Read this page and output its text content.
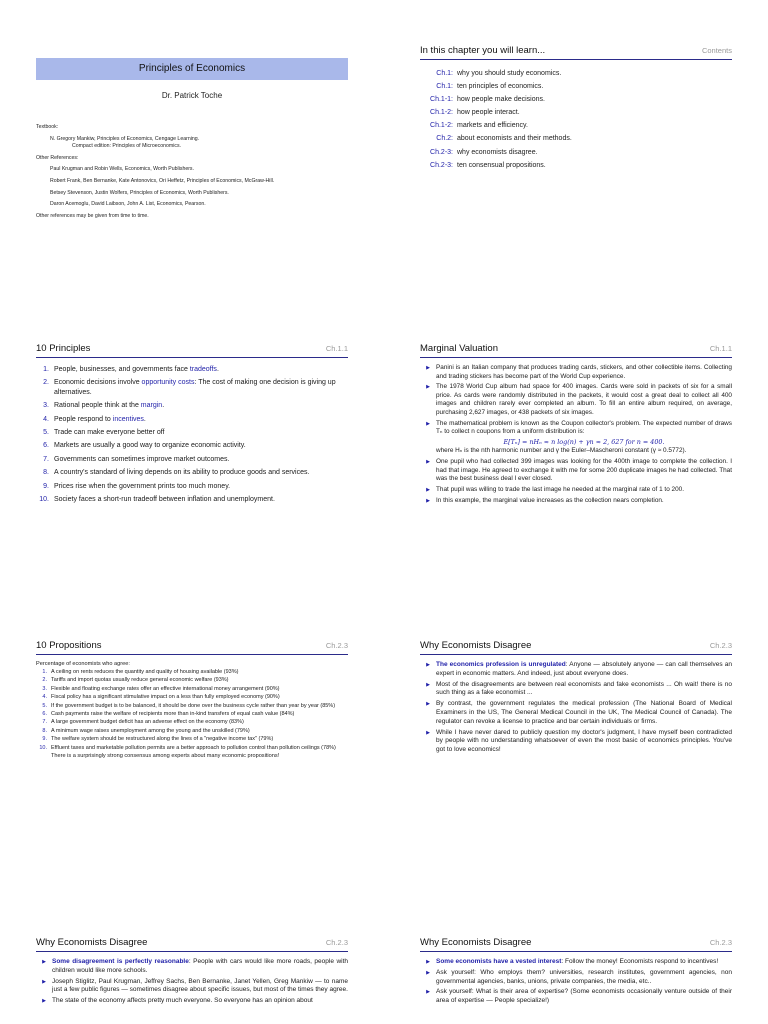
Principles of Economics
Dr. Patrick Toche
Textbook:
N. Gregory Mankiw, Principles of Economics, Cengage Learning.
Compact edition: Principles of Microeconomics.
Other References:
Paul Krugman and Robin Wells, Economics, Worth Publishers.
Robert Frank, Ben Bernanke, Kate Antonovics, Ori Heffetz, Principles of Economics, McGraw-Hill.
Betsey Stevenson, Justin Wolfers, Principles of Economics, Worth Publishers.
Daron Acemoglu, David Laibson, John A. List, Economics, Pearson.
Other references may be given from time to time.
In this chapter you will learn...	Contents
Ch.1: why you should study economics.
Ch.1: ten principles of economics.
Ch.1-1: how people make decisions.
Ch.1-2: how people interact.
Ch.1-2: markets and efficiency.
Ch.2: about economists and their methods.
Ch.2-3: why economists disagree.
Ch.2-3: ten consensual propositions.
10 Principles	Ch.1.1
1. People, businesses, and governments face tradeoffs.
2. Economic decisions involve opportunity costs: The cost of making one decision is giving up alternatives.
3. Rational people think at the margin.
4. People respond to incentives.
5. Trade can make everyone better off
6. Markets are usually a good way to organize economic activity.
7. Governments can sometimes improve market outcomes.
8. A country's standard of living depends on its ability to produce goods and services.
9. Prices rise when the government prints too much money.
10. Society faces a short-run tradeoff between inflation and unemployment.
Marginal Valuation	Ch.1.1
▶ Panini is an Italian company that produces trading cards, stickers, and other collectible items. Collecting and trading stickers has become part of the World Cup experience.
▶ The 1978 World Cup album had space for 400 images. Cards were sold in packets of six for a small price. As cards were randomly distributed in the packets, it would cost a great deal to collect all 400 images and children rarely ever completed an album. To fill an entire album required, on average, purchasing 2,627 images, or 438 packets of six images.
▶ The mathematical problem is known as the Coupon collector's problem. The expected number of draws Tₙ to collect n coupons from a uniform distribution is:
E[Tₙ] = nHₙ ≈ n log(n) + γn ≈ 2, 627 for n = 400.
where Hₙ is the nth harmonic number and γ the Euler–Mascheroni constant (γ ≈ 0.5772).
▶ One pupil who had collected 399 images was looking for the 400th image to complete the collection. I had that image. He agreed to exchange it with me for some 200 duplicate images he had collected. That was the best business deal I ever closed.
▶ That pupil was willing to trade the last image he needed at the marginal rate of 1 to 200.
▶ In this example, the marginal value increases as the collection nears completion.
10 Propositions	Ch.2.3
Percentage of economists who agree:
1. A ceiling on rents reduces the quantity and quality of housing available (93%)
2. Tariffs and import quotas usually reduce general economic welfare (93%)
3. Flexible and floating exchange rates offer an effective international money arrangement (90%)
4. Fiscal policy has a significant stimulative impact on a less than fully employed economy (90%)
5. If the government budget is to be balanced, it should be done over the business cycle rather than year by year (85%)
6. Cash payments raise the welfare of recipients more than in-kind transfers of equal cash value (84%)
7. A large government budget deficit has an adverse effect on the economy (83%)
8. A minimum wage raises unemployment among the young and the unskilled (79%)
9. The welfare system should be restructured along the lines of a "negative income tax" (79%)
10. Effluent taxes and marketable pollution permits are a better approach to pollution control than pollution ceilings (78%)
There is a surprisingly strong consensus among experts about many economic propositions!
Why Economists Disagree	Ch.2.3
▶ The economics profession is unregulated: Anyone — absolutely anyone — can call themselves an expert in economic matters. And indeed, just about everyone does.
▶ Most of the disagreements are between real economists and fake economists ... Oh wait! there is no such thing as a fake economist ...
▶ By contrast, the government regulates the medical profession (The National Board of Medical Examiners in the US, The General Medical Council in the UK, The Medical Council of Canada). The regulator can revoke a license to practice and bar certain individuals or firms.
▶ While I have never dared to publicly question my doctor's judgment, I have myself been contradicted by people with no understanding whatsoever of even the most basic of economics principles. You've got to love economics!
Why Economists Disagree	Ch.2.3
▶ Some disagreement is perfectly reasonable: People with cars would like more roads, people with children would like more schools.
▶ Joseph Stiglitz, Paul Krugman, Jeffrey Sachs, Ben Bernanke, Janet Yellen, Greg Mankiw — to name just a few public figures — sometimes disagree about specific issues, but most of the times they agree.
▶ The state of the economy affects pretty much everyone. So everyone has an opinion about
Why Economists Disagree	Ch.2.3
▶ Some economists have a vested interest: Follow the money! Economists respond to incentives!
▶ Ask yourself: Who employs them? universities, research institutes, government agencies, non governmental agencies, banks, unions, private companies, the media, etc..
▶ Ask yourself: What is their area of expertise? (Some economists occasionally venture outside of their area of expertise — People specialize!)
